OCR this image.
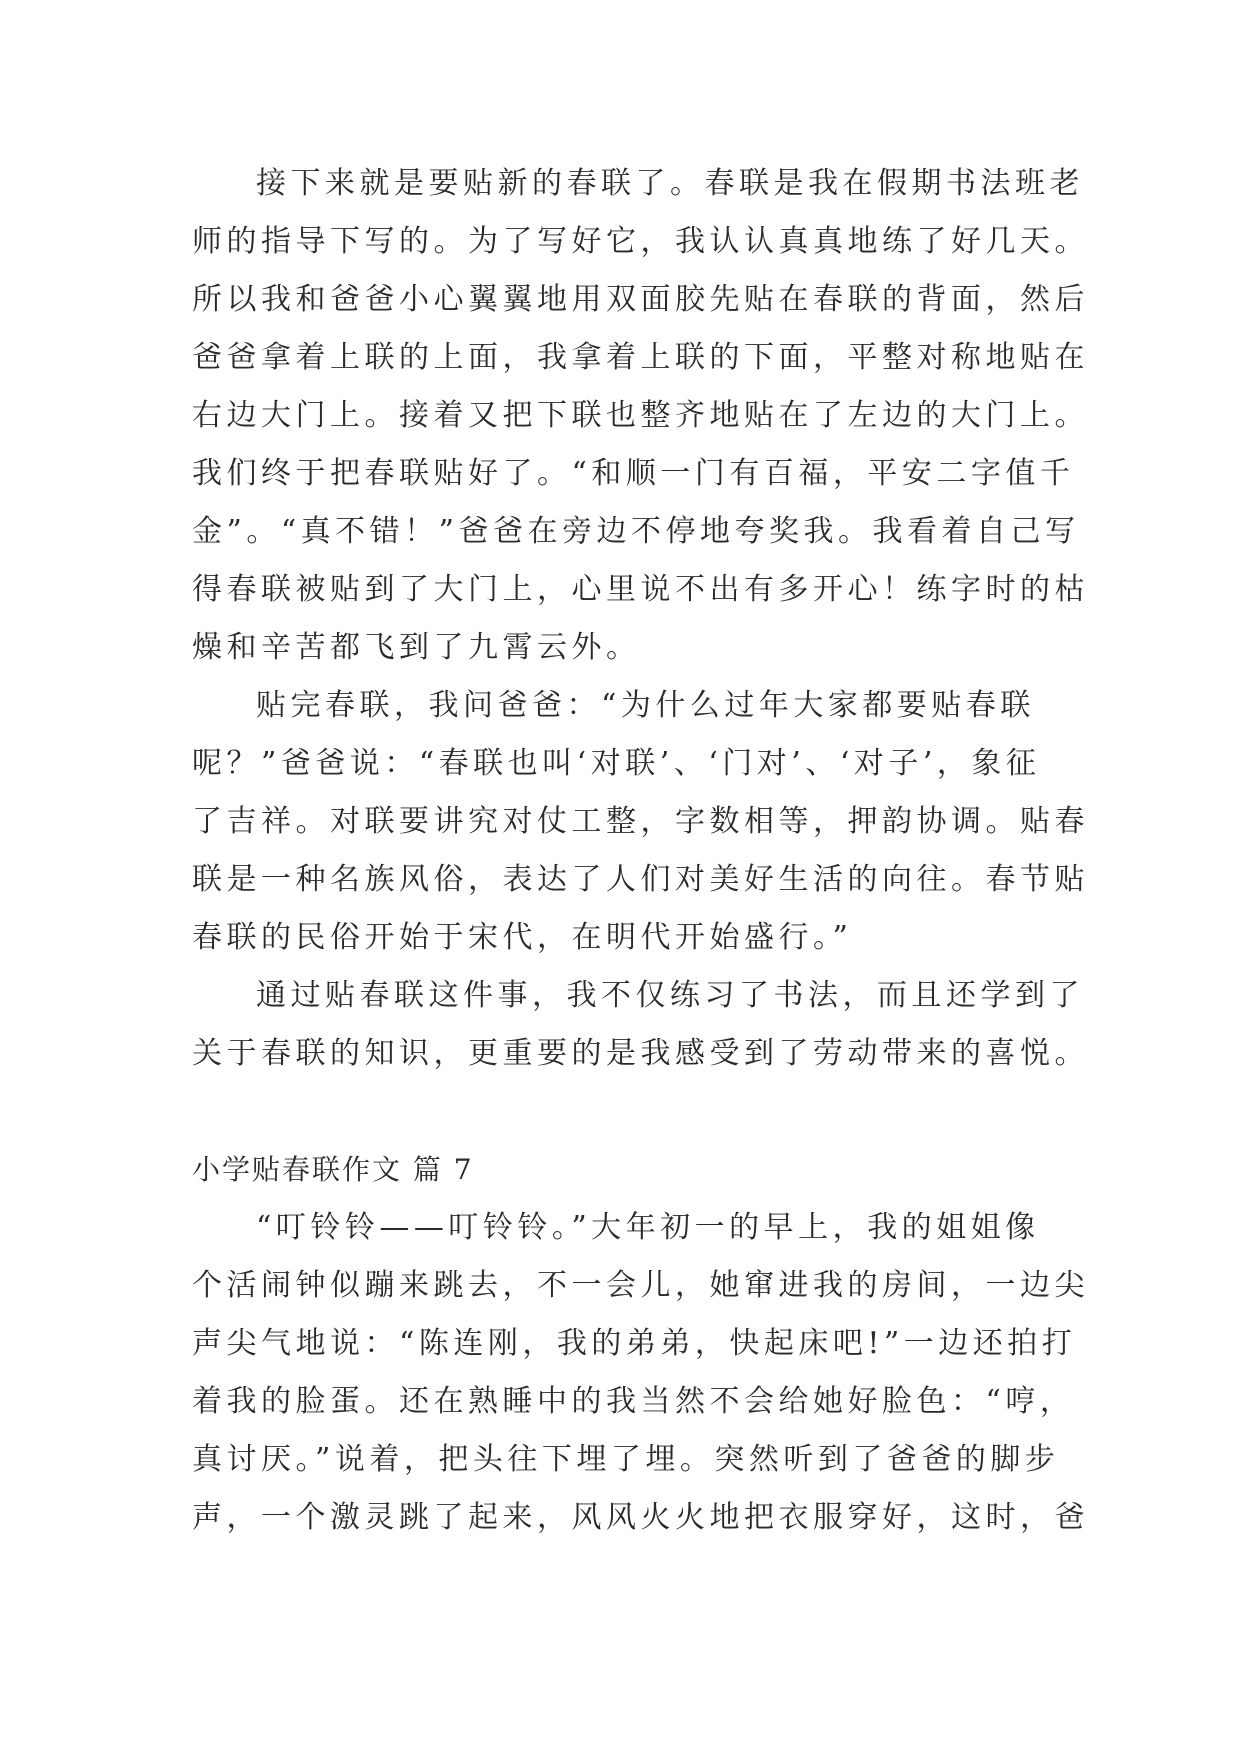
接下来就是要贴新的春联了。春联是我在假期书法班老
师的指导下写的。为了写好它，我认认真真地练了好几天。
所以我和爸爸小心翼翼地用双面胶先贴在春联的背面，然后
爸爸拿着上联的上面，我拿着上联的下面，平整对称地贴在
右边大门上。接着又把下联也整齐地贴在了左边的大门上。
我们终于把春联贴好了。“和顺一门有百福，平安二字值千
金”。“真不错！”爸爸在旁边不停地夸奖我。我看着自己写
得春联被贴到了大门上，心里说不出有多开心！练字时的枯
燥和辛苦都飞到了九霄云外。
贴完春联，我问爸爸：“为什么过年大家都要贴春联
呢？”爸爸说：“春联也叫‘对联’、‘门对’、‘对子’，象征
了吉祥。对联要讲究对仗工整，字数相等，押韵协调。贴春
联是一种名族风俗，表达了人们对美好生活的向往。春节贴
春联的民俗开始于宋代，在明代开始盛行。”
通过贴春联这件事，我不仅练习了书法，而且还学到了
关于春联的知识，更重要的是我感受到了劳动带来的喜悦。
小学贴春联作文 篇 7
“叮铃铃——叮铃铃。”大年初一的早上，我的姐姐像
个活闹钟似蹦来跳去，不一会儿，她窜进我的房间，一边尖
声尖气地说：“陈连刚，我的弟弟，快起床吧!”一边还拍打
着我的脸蛋。还在熟睡中的我当然不会给她好脸色：“哼，
真讨厌。”说着，把头往下埋了埋。突然听到了爸爸的脚步
声，一个激灵跳了起来，风风火火地把衣服穿好，这时，爸
